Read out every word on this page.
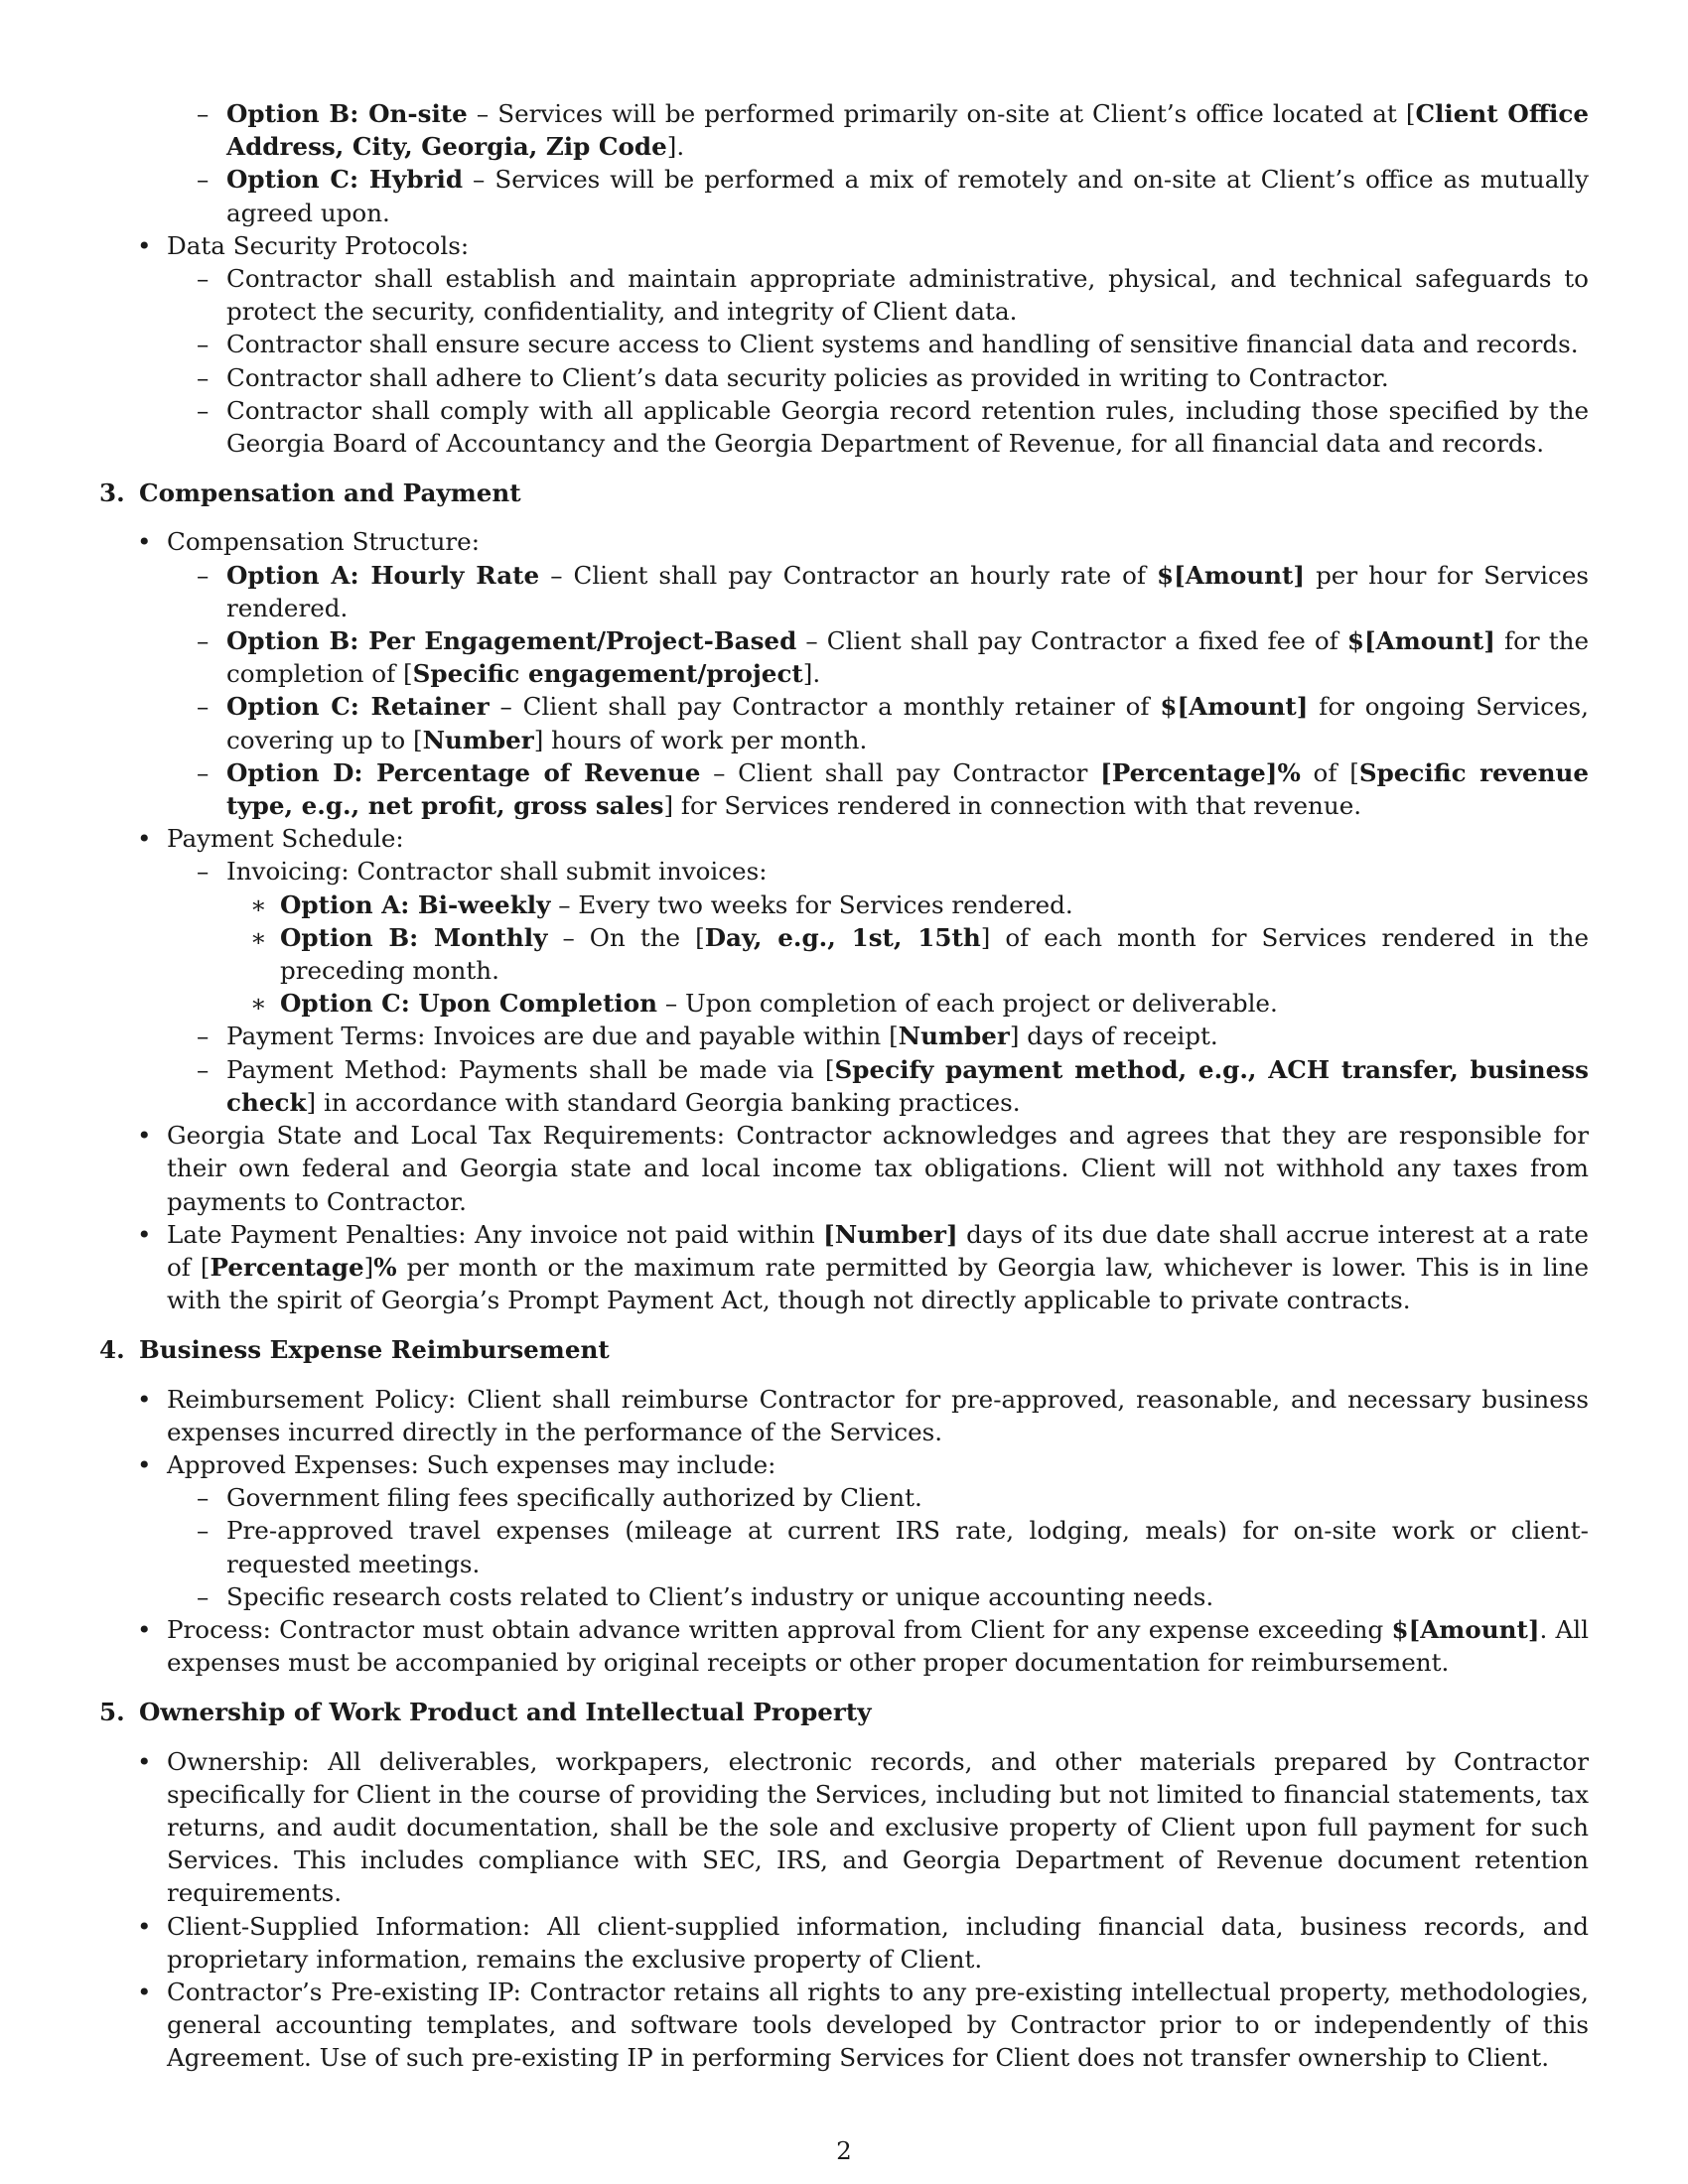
– Option B: On-site – Services will be performed primarily on-site at Client’s office located at [Client Office Address, City, Georgia, Zip Code].
– Option C: Hybrid – Services will be performed a mix of remotely and on-site at Client’s office as mutually agreed upon.
• Data Security Protocols:
– Contractor shall establish and maintain appropriate administrative, physical, and technical safeguards to protect the security, confidentiality, and integrity of Client data.
– Contractor shall ensure secure access to Client systems and handling of sensitive financial data and records.
– Contractor shall adhere to Client’s data security policies as provided in writing to Contractor.
– Contractor shall comply with all applicable Georgia record retention rules, including those specified by the Georgia Board of Accountancy and the Georgia Department of Revenue, for all financial data and records.
3. Compensation and Payment
• Compensation Structure:
– Option A: Hourly Rate – Client shall pay Contractor an hourly rate of $[Amount] per hour for Services rendered.
– Option B: Per Engagement/Project-Based – Client shall pay Contractor a fixed fee of $[Amount] for the completion of [Specific engagement/project].
– Option C: Retainer – Client shall pay Contractor a monthly retainer of $[Amount] for ongoing Services, covering up to [Number] hours of work per month.
– Option D: Percentage of Revenue – Client shall pay Contractor [Percentage]% of [Specific revenue type, e.g., net profit, gross sales] for Services rendered in connection with that revenue.
• Payment Schedule:
– Invoicing: Contractor shall submit invoices:
∗ Option A: Bi-weekly – Every two weeks for Services rendered.
∗ Option B: Monthly – On the [Day, e.g., 1st, 15th] of each month for Services rendered in the preceding month.
∗ Option C: Upon Completion – Upon completion of each project or deliverable.
– Payment Terms: Invoices are due and payable within [Number] days of receipt.
– Payment Method: Payments shall be made via [Specify payment method, e.g., ACH transfer, business check] in accordance with standard Georgia banking practices.
• Georgia State and Local Tax Requirements: Contractor acknowledges and agrees that they are responsible for their own federal and Georgia state and local income tax obligations. Client will not withhold any taxes from payments to Contractor.
• Late Payment Penalties: Any invoice not paid within [Number] days of its due date shall accrue interest at a rate of [Percentage]% per month or the maximum rate permitted by Georgia law, whichever is lower. This is in line with the spirit of Georgia’s Prompt Payment Act, though not directly applicable to private contracts.
4. Business Expense Reimbursement
• Reimbursement Policy: Client shall reimburse Contractor for pre-approved, reasonable, and necessary business expenses incurred directly in the performance of the Services.
• Approved Expenses: Such expenses may include:
– Government filing fees specifically authorized by Client.
– Pre-approved travel expenses (mileage at current IRS rate, lodging, meals) for on-site work or client-requested meetings.
– Specific research costs related to Client’s industry or unique accounting needs.
• Process: Contractor must obtain advance written approval from Client for any expense exceeding $[Amount]. All expenses must be accompanied by original receipts or other proper documentation for reimbursement.
5. Ownership of Work Product and Intellectual Property
• Ownership: All deliverables, workpapers, electronic records, and other materials prepared by Contractor specifically for Client in the course of providing the Services, including but not limited to financial statements, tax returns, and audit documentation, shall be the sole and exclusive property of Client upon full payment for such Services. This includes compliance with SEC, IRS, and Georgia Department of Revenue document retention requirements.
• Client-Supplied Information: All client-supplied information, including financial data, business records, and proprietary information, remains the exclusive property of Client.
• Contractor’s Pre-existing IP: Contractor retains all rights to any pre-existing intellectual property, methodologies, general accounting templates, and software tools developed by Contractor prior to or independently of this Agreement. Use of such pre-existing IP in performing Services for Client does not transfer ownership to Client.
2
